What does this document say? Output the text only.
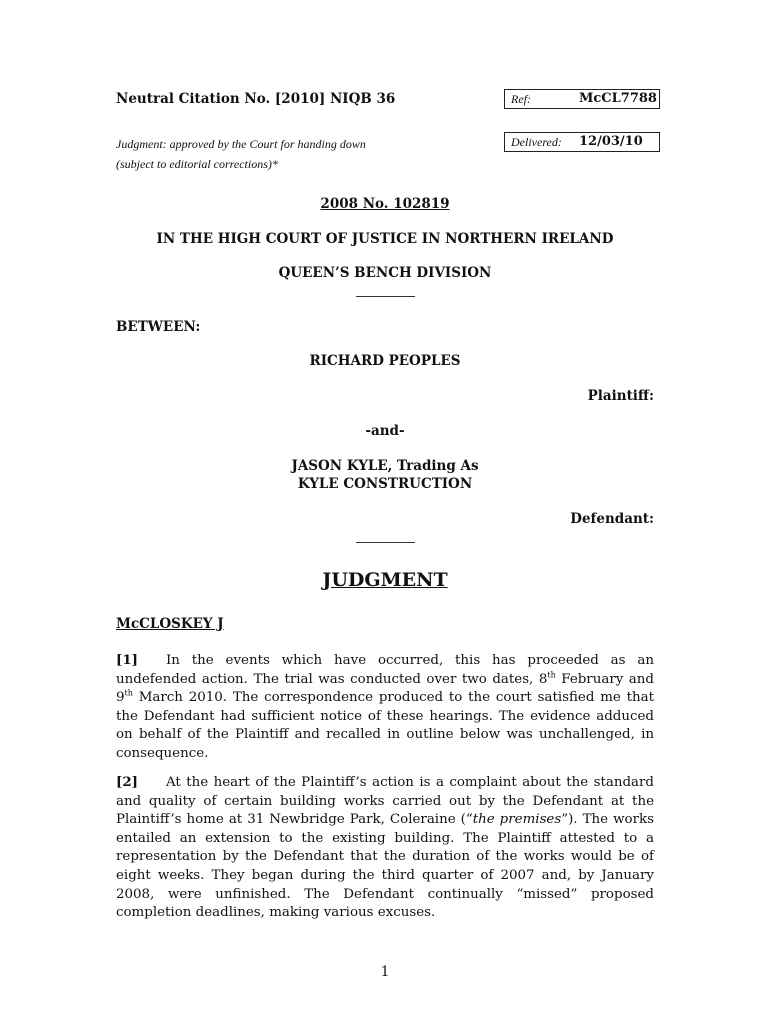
Neutral Citation No. [2010] NIQB 36	Ref:	McCL7788
Judgment: approved by the Court for handing down
(subject to editorial corrections)*
Delivered: 12/03/10
2008 No. 102819
IN THE HIGH COURT OF JUSTICE IN NORTHERN IRELAND
QUEEN’S BENCH DIVISION
BETWEEN:
RICHARD PEOPLES
Plaintiff:
-and-
JASON KYLE, Trading As
KYLE CONSTRUCTION
Defendant:
JUDGMENT
McCLOSKEY J
[1] In the events which have occurred, this has proceeded as an undefended action. The trial was conducted over two dates, 8th February and 9th March 2010. The correspondence produced to the court satisfied me that the Defendant had sufficient notice of these hearings. The evidence adduced on behalf of the Plaintiff and recalled in outline below was unchallenged, in consequence.
[2] At the heart of the Plaintiff’s action is a complaint about the standard and quality of certain building works carried out by the Defendant at the Plaintiff’s home at 31 Newbridge Park, Coleraine (“the premises”). The works entailed an extension to the existing building. The Plaintiff attested to a representation by the Defendant that the duration of the works would be of eight weeks. They began during the third quarter of 2007 and, by January 2008, were unfinished. The Defendant continually “missed” proposed completion deadlines, making various excuses.
1
